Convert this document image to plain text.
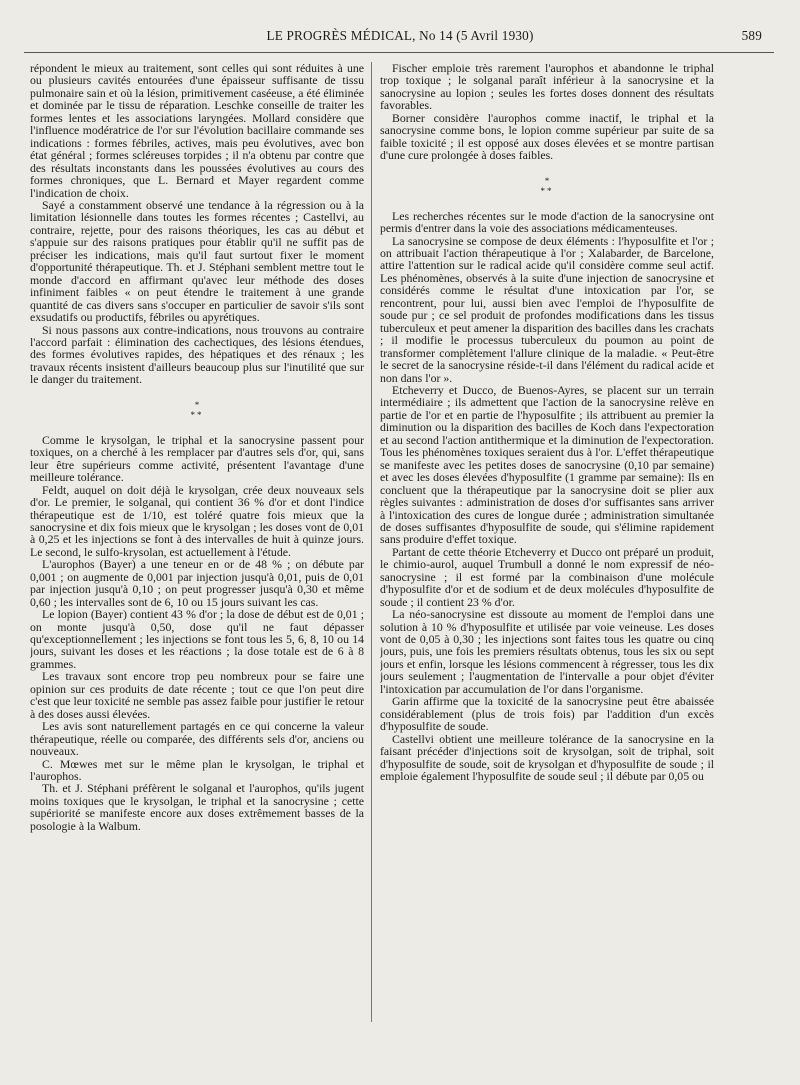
LE PROGRÈS MÉDICAL, No 14 (5 Avril 1930)	589

répondent le mieux au traitement, sont celles qui sont réduites à une ou plusieurs cavités entourées d'une épaisseur suffisante de tissu pulmonaire sain et où la lésion, primitivement caséeuse, a été éliminée et dominée par le tissu de réparation. Leschke conseille de traiter les formes lentes et les associations laryngées. Mollard considère que l'influence modératrice de l'or sur l'évolution bacillaire commande ses indications : formes fébriles, actives, mais peu évolutives, avec bon état général ; formes scléreuses torpides ; il n'a obtenu par contre que des résultats inconstants dans les poussées évolutives au cours des formes chroniques, que L. Bernard et Mayer regardent comme l'indication de choix.

Sayé a constamment observé une tendance à la régression ou à la limitation lésionnelle dans toutes les formes récentes ; Castellvi, au contraire, rejette, pour des raisons théoriques, les cas au début et s'appuie sur des raisons pratiques pour établir qu'il ne suffit pas de préciser les indications, mais qu'il faut surtout fixer le moment d'opportunité thérapeutique. Th. et J. Stéphani semblent mettre tout le monde d'accord en affirmant qu'avec leur méthode des doses infiniment faibles « on peut étendre le traitement à une grande quantité de cas divers sans s'occuper en particulier de savoir s'ils sont exsudatifs ou productifs, fébriles ou apyrétiques.

Si nous passons aux contre-indications, nous trouvons au contraire l'accord parfait : élimination des cachectiques, des lésions étendues, des formes évolutives rapides, des hépatiques et des rénaux ; les travaux récents insistent d'ailleurs beaucoup plus sur l'inutilité que sur le danger du traitement.

*
**

Comme le krysolgan, le triphal et la sanocrysine passent pour toxiques, on a cherché à les remplacer par d'autres sels d'or, qui, sans leur être supérieurs comme activité, présentent l'avantage d'une meilleure tolérance.

Feldt, auquel on doit déjà le krysolgan, crée deux nouveaux sels d'or. Le premier, le solganal, qui contient 36 % d'or et dont l'indice thérapeutique est de 1/10, est toléré quatre fois mieux que la sanocrysine et dix fois mieux que le krysolgan ; les doses vont de 0,01 à 0,25 et les injections se font à des intervalles de huit à quinze jours. Le second, le sulfo-krysolan, est actuellement à l'étude.

L'aurophos (Bayer) a une teneur en or de 48 % ; on débute par 0,001 ; on augmente de 0,001 par injection jusqu'à 0,01, puis de 0,01 par injection jusqu'à 0,10 ; on peut progresser jusqu'à 0,30 et même 0,60 ; les intervalles sont de 6, 10 ou 15 jours suivant les cas.

Le lopion (Bayer) contient 43 % d'or ; la dose de début est de 0,01 ; on monte jusqu'à 0,50, dose qu'il ne faut dépasser qu'exceptionnellement ; les injections se font tous les 5, 6, 8, 10 ou 14 jours, suivant les doses et les réactions ; la dose totale est de 6 à 8 grammes.

Les travaux sont encore trop peu nombreux pour se faire une opinion sur ces produits de date récente ; tout ce que l'on peut dire c'est que leur toxicité ne semble pas assez faible pour justifier le retour à des doses aussi élevées.

Les avis sont naturellement partagés en ce qui concerne la valeur thérapeutique, réelle ou comparée, des différents sels d'or, anciens ou nouveaux.

C. Mœwes met sur le même plan le krysolgan, le triphal et l'aurophos.

Th. et J. Stéphani préfèrent le solganal et l'aurophos, qu'ils jugent moins toxiques que le krysolgan, le triphal et la sanocrysine ; cette supériorité se manifeste encore aux doses extrêmement basses de la posologie à la Walbum.

Fischer emploie très rarement l'aurophos et abandonne le triphal trop toxique ; le solganal paraît inférieur à la sanocrysine et la sanocrysine au lopion ; seules les fortes doses donnent des résultats favorables.

Borner considère l'aurophos comme inactif, le triphal et la sanocrysine comme bons, le lopion comme supérieur par suite de sa faible toxicité ; il est opposé aux doses élevées et se montre partisan d'une cure prolongée à doses faibles.

*
**

Les recherches récentes sur le mode d'action de la sanocrysine ont permis d'entrer dans la voie des associations médicamenteuses.

La sanocrysine se compose de deux éléments : l'hyposulfite et l'or ; on attribuait l'action thérapeutique à l'or ; Xalabarder, de Barcelone, attire l'attention sur le radical acide qu'il considère comme seul actif. Les phénomènes, observés à la suite d'une injection de sanocrysine et considérés comme le résultat d'une intoxication par l'or, se rencontrent, pour lui, aussi bien avec l'emploi de l'hyposulfite de soude pur ; ce sel produit de profondes modifications dans les tissus tuberculeux et peut amener la disparition des bacilles dans les crachats ; il modifie le processus tuberculeux du poumon au point de transformer complètement l'allure clinique de la maladie. « Peut-être le secret de la sanocrysine réside-t-il dans l'élément du radical acide et non dans l'or ».

Etcheverry et Ducco, de Buenos-Ayres, se placent sur un terrain intermédiaire ; ils admettent que l'action de la sanocrysine relève en partie de l'or et en partie de l'hyposulfite ; ils attribuent au premier la diminution ou la disparition des bacilles de Koch dans l'expectoration et au second l'action antithermique et la diminution de l'expectoration. Tous les phénomènes toxiques seraient dus à l'or. L'effet thérapeutique se manifeste avec les petites doses de sanocrysine (0,10 par semaine) et avec les doses élevées d'hyposulfite (1 gramme par semaine): Ils en concluent que la thérapeutique par la sanocrysine doit se plier aux règles suivantes : administration de doses d'or suffisantes sans arriver à l'intoxication des cures de longue durée ; administration simultanée de doses suffisantes d'hyposulfite de soude, qui s'élimine rapidement sans produire d'effet toxique.

Partant de cette théorie Etcheverry et Ducco ont préparé un produit, le chimio-aurol, auquel Trumbull a donné le nom expressif de néo-sanocrysine ; il est formé par la combinaison d'une molécule d'hyposulfite d'or et de sodium et de deux molécules d'hyposulfite de soude ; il contient 23 % d'or.

La néo-sanocrysine est dissoute au moment de l'emploi dans une solution à 10 % d'hyposulfite et utilisée par voie veineuse. Les doses vont de 0,05 à 0,30 ; les injections sont faites tous les quatre ou cinq jours, puis, une fois les premiers résultats obtenus, tous les six ou sept jours et enfin, lorsque les lésions commencent à régresser, tous les dix jours seulement ; l'augmentation de l'intervalle a pour objet d'éviter l'intoxication par accumulation de l'or dans l'organisme.

Garin affirme que la toxicité de la sanocrysine peut être abaissée considérablement (plus de trois fois) par l'addition d'un excès d'hyposulfite de soude.

Castellvi obtient une meilleure tolérance de la sanocrysine en la faisant précéder d'injections soit de krysolgan, soit de triphal, soit d'hyposulfite de soude, soit de krysolgan et d'hyposulfite de soude ; il emploie également l'hyposulfite de soude seul ; il débute par 0,05 ou
